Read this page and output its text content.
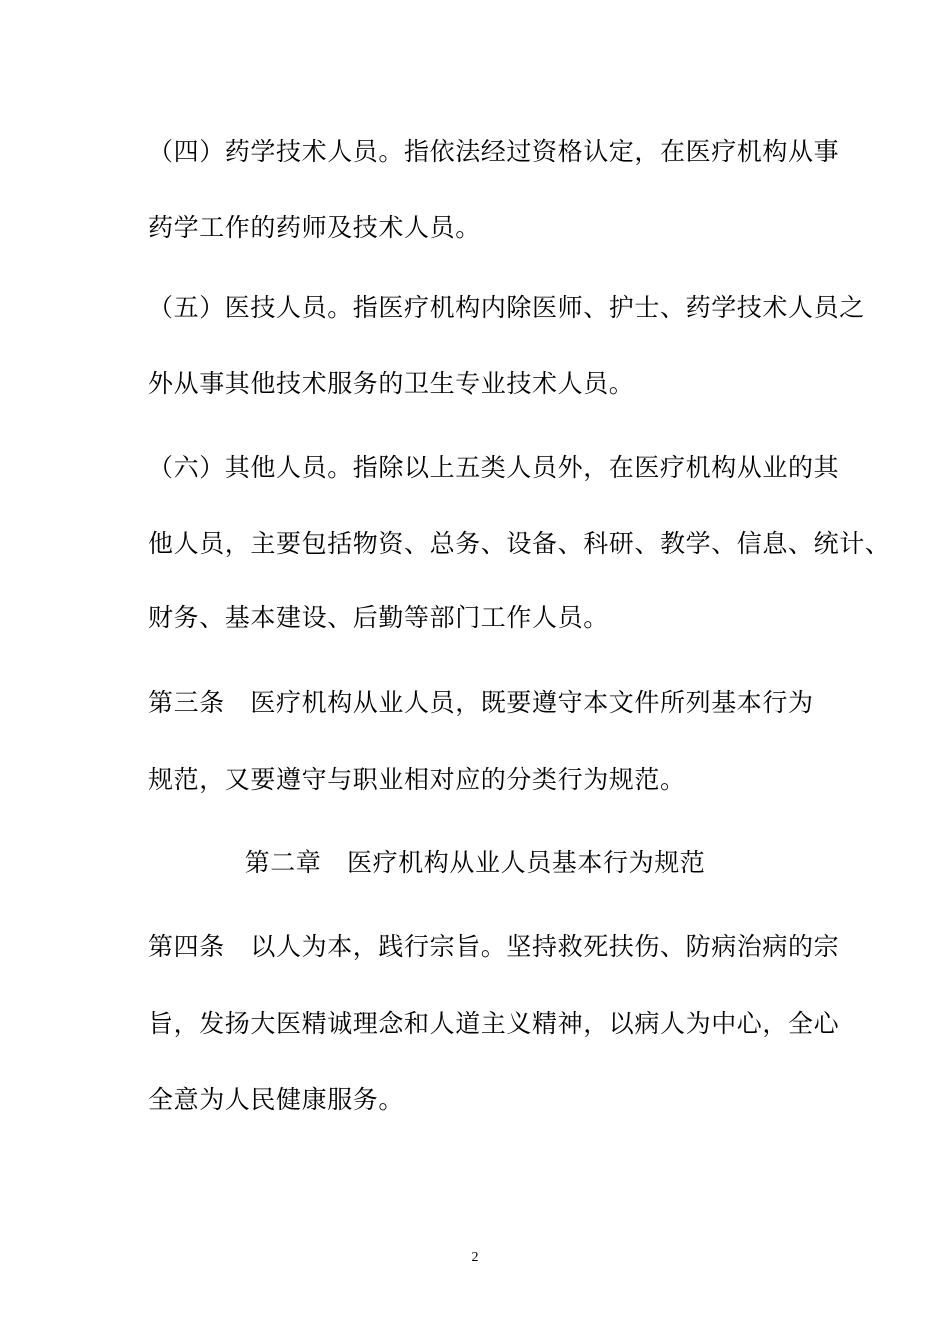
（四）药学技术人员。指依法经过资格认定，在医疗机构从事
药学工作的药师及技术人员。
（五）医技人员。指医疗机构内除医师、护士、药学技术人员之
外从事其他技术服务的卫生专业技术人员。
（六）其他人员。指除以上五类人员外，在医疗机构从业的其
他人员，主要包括物资、总务、设备、科研、教学、信息、统计、
财务、基本建设、后勤等部门工作人员。
第三条　医疗机构从业人员，既要遵守本文件所列基本行为
规范，又要遵守与职业相对应的分类行为规范。
第二章　医疗机构从业人员基本行为规范
第四条　以人为本，践行宗旨。坚持救死扶伤、防病治病的宗
旨，发扬大医精诚理念和人道主义精神，以病人为中心，全心
全意为人民健康服务。
2
